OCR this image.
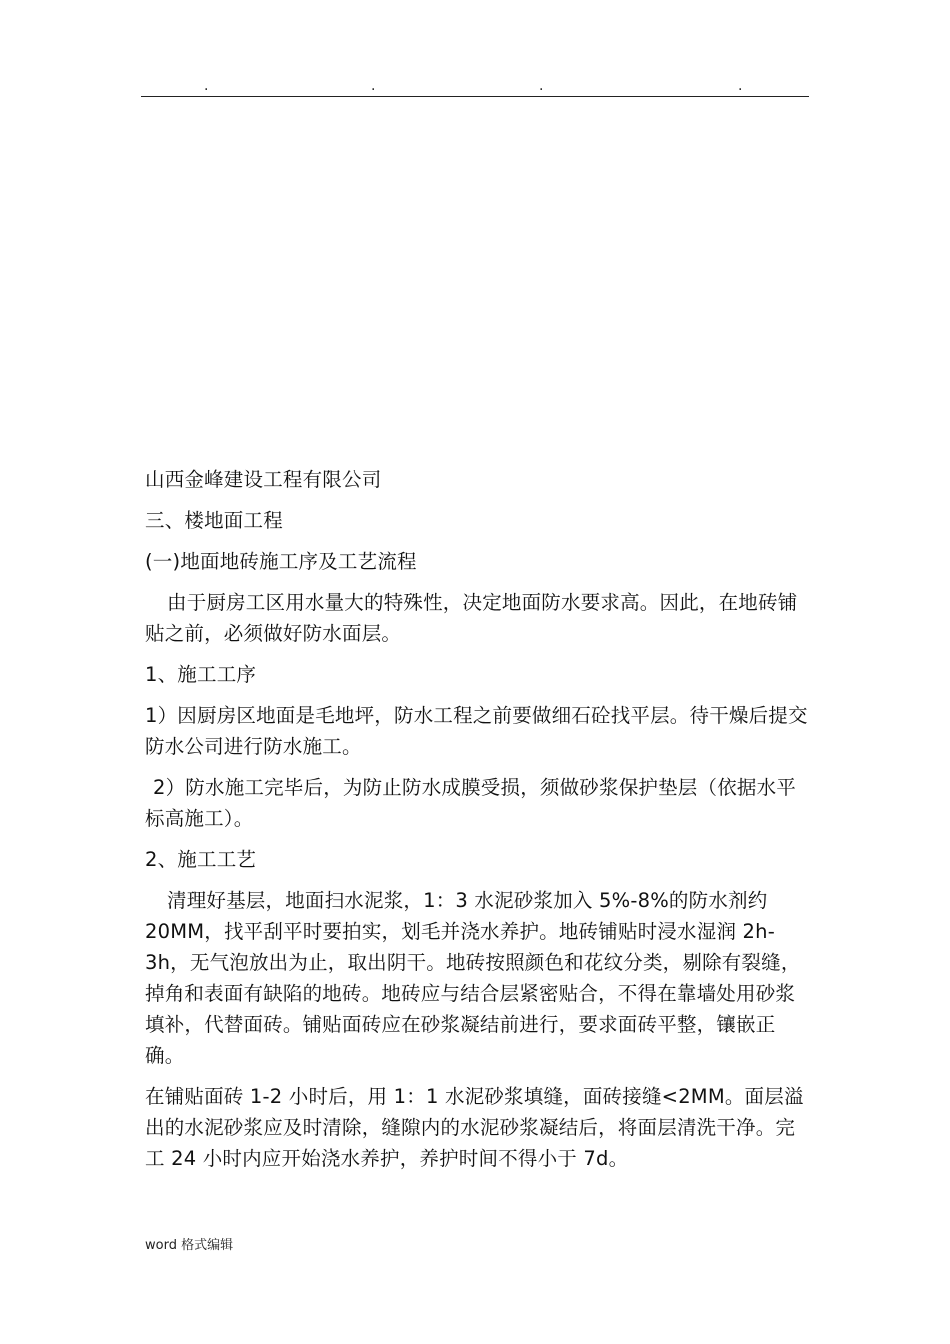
.	.	.	.

山西金峰建设工程有限公司

三、楼地面工程

(一)地面地砖施工序及工艺流程

由于厨房工区用水量大的特殊性，决定地面防水要求高。因此，在地砖铺贴之前，必须做好防水面层。

1、施工工序

1）因厨房区地面是毛地坪，防水工程之前要做细石砼找平层。待干燥后提交防水公司进行防水施工。

2）防水施工完毕后，为防止防水成膜受损，须做砂浆保护垫层（依据水平标高施工）。

2、施工工艺

清理好基层，地面扫水泥浆，1：3 水泥砂浆加入 5%-8%的防水剂约 20MM，找平刮平时要拍实，划毛并浇水养护。地砖铺贴时浸水湿润 2h-3h，无气泡放出为止，取出阴干。地砖按照颜色和花纹分类，剔除有裂缝，掉角和表面有缺陷的地砖。地砖应与结合层紧密贴合，不得在靠墙处用砂浆填补，代替面砖。铺贴面砖应在砂浆凝结前进行，要求面砖平整，镶嵌正确。

在铺贴面砖 1-2 小时后，用 1：1 水泥砂浆填缝，面砖接缝<2MM。面层溢出的水泥砂浆应及时清除，缝隙内的水泥砂浆凝结后，将面层清洗干净。完工 24 小时内应开始浇水养护，养护时间不得小于 7d。

word 格式编辑
